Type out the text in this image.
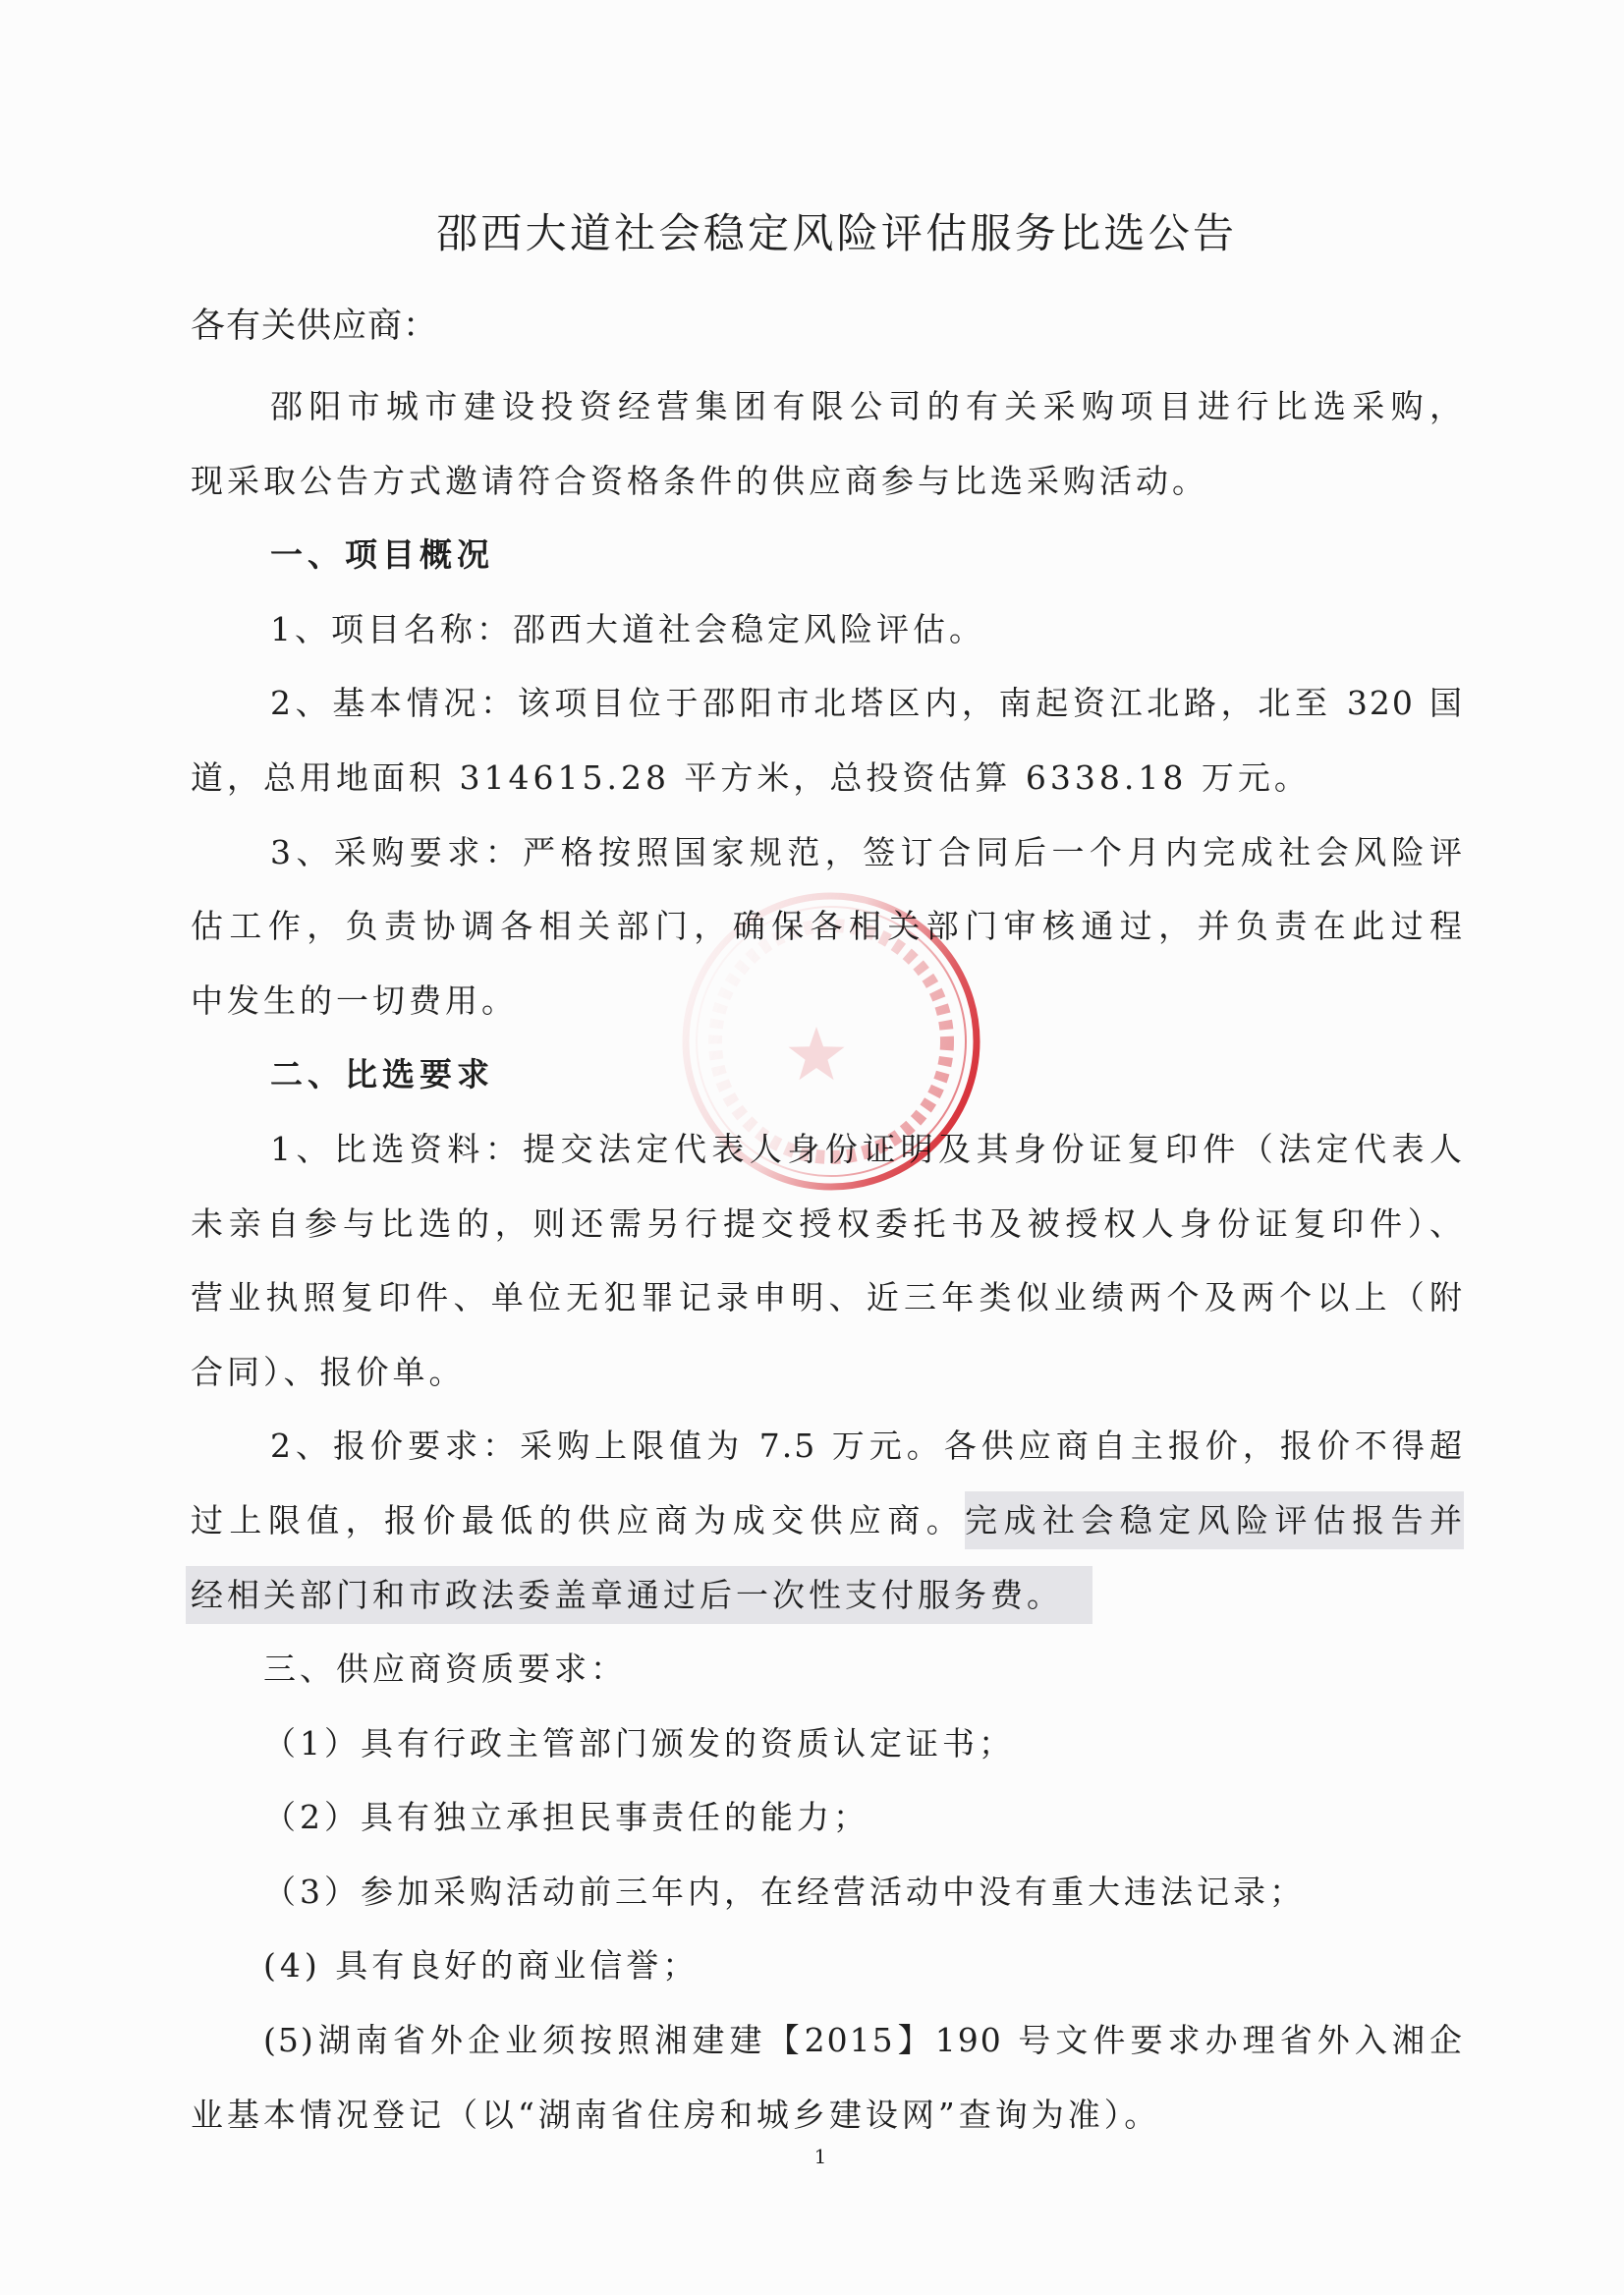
邵西大道社会稳定风险评估服务比选公告
各有关供应商：
邵阳市城市建设投资经营集团有限公司的有关采购项目进行比选采购，
现采取公告方式邀请符合资格条件的供应商参与比选采购活动。
一、项目概况
1、项目名称：邵西大道社会稳定风险评估。
2、基本情况：该项目位于邵阳市北塔区内，南起资江北路，北至 320 国
道，总用地面积 314615.28 平方米，总投资估算 6338.18 万元。
3、采购要求：严格按照国家规范，签订合同后一个月内完成社会风险评
估工作，负责协调各相关部门，确保各相关部门审核通过，并负责在此过程
中发生的一切费用。
二、比选要求
1、比选资料：提交法定代表人身份证明及其身份证复印件（法定代表人
未亲自参与比选的，则还需另行提交授权委托书及被授权人身份证复印件）、
营业执照复印件、单位无犯罪记录申明、近三年类似业绩两个及两个以上（附
合同）、报价单。
2、报价要求：采购上限值为 7.5 万元。各供应商自主报价，报价不得超
过上限值，报价最低的供应商为成交供应商。完成社会稳定风险评估报告并
经相关部门和市政法委盖章通过后一次性支付服务费。
三、供应商资质要求：
（1）具有行政主管部门颁发的资质认定证书；
（2）具有独立承担民事责任的能力；
（3）参加采购活动前三年内，在经营活动中没有重大违法记录；
(4) 具有良好的商业信誉；
(5)湖南省外企业须按照湘建建【2015】190 号文件要求办理省外入湘企
业基本情况登记（以“湖南省住房和城乡建设网”查询为准）。
1
